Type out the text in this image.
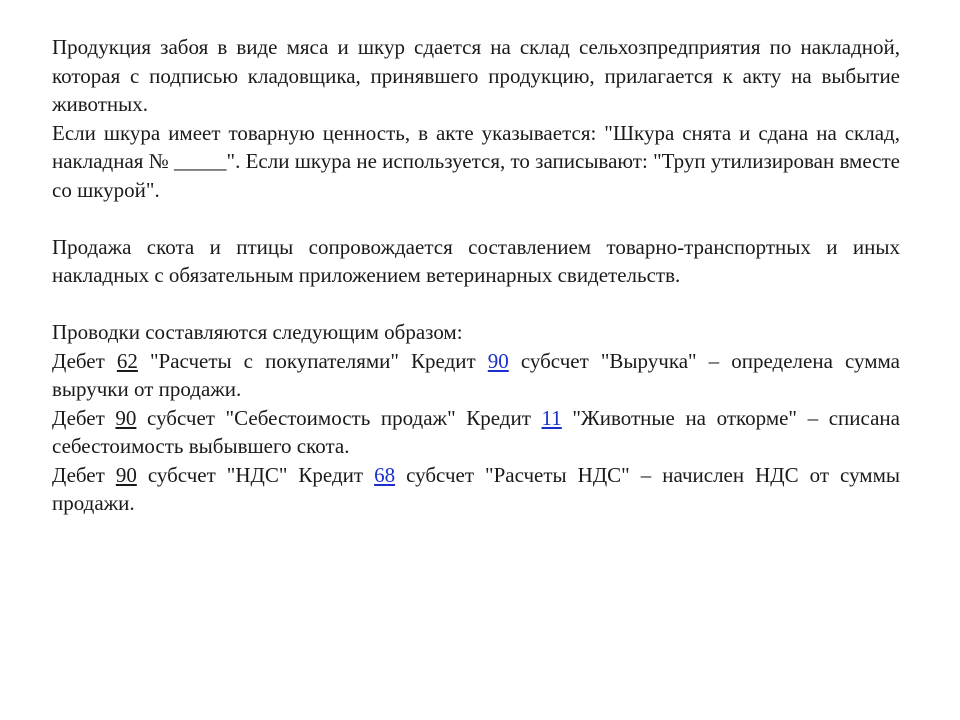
Продукция забоя в виде мяса и шкур сдается на склад сельхозпредприятия по накладной, которая с подписью кладовщика, принявшего продукцию, прилагается к акту на выбытие животных.

Если шкура имеет товарную ценность, в акте указывается: "Шкура снята и сдана на склад, накладная № _____". Если шкура не используется, то записывают: "Труп утилизирован вместе со шкурой".

Продажа скота и птицы сопровождается составлением товарно-транспортных и иных накладных с обязательным приложением ветеринарных свидетельств.

Проводки составляются следующим образом:

Дебет 62 "Расчеты с покупателями" Кредит 90 субсчет "Выручка" – определена сумма выручки от продажи.

Дебет 90 субсчет "Себестоимость продаж" Кредит 11 "Животные на откорме" – списана себестоимость выбывшего скота.

Дебет 90 субсчет "НДС" Кредит 68 субсчет "Расчеты НДС" – начислен НДС от суммы продажи.
